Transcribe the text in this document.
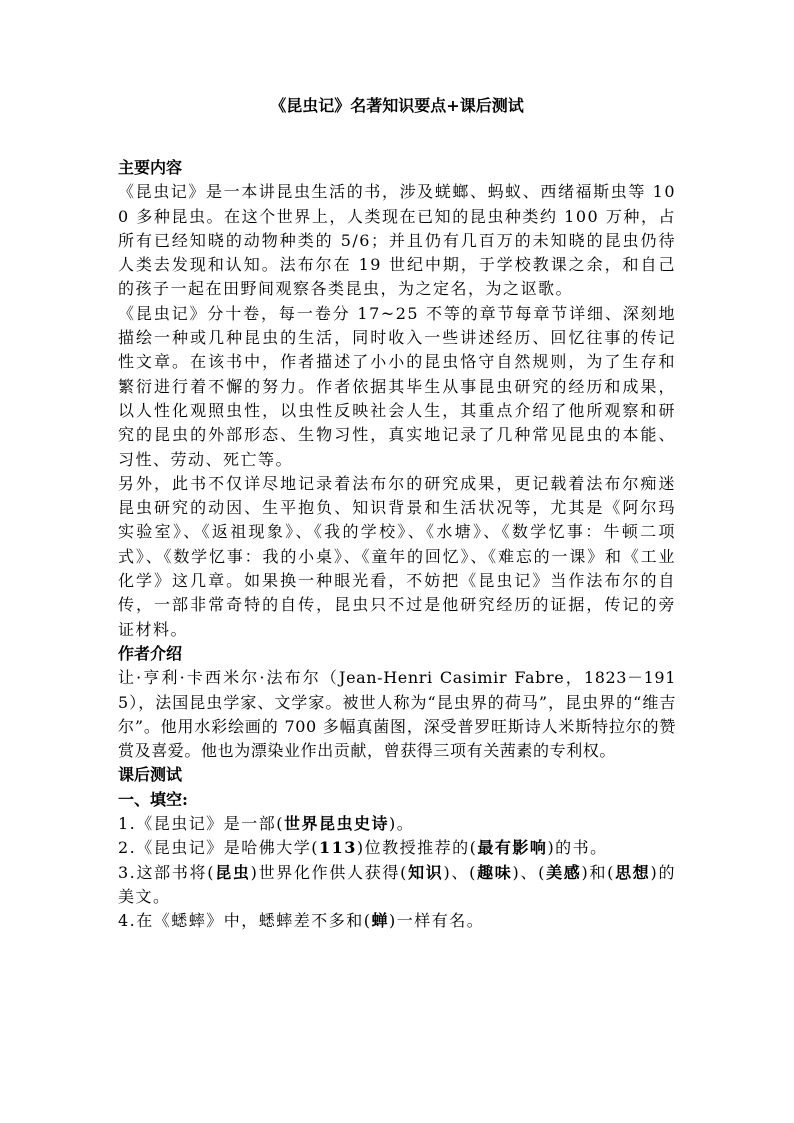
《昆虫记》名著知识要点+课后测试

主要内容

《昆虫记》是一本讲昆虫生活的书，涉及蜣螂、蚂蚁、西绪福斯虫等 100 多种昆虫。在这个世界上，人类现在已知的昆虫种类约 100 万种，占所有已经知晓的动物种类的 5/6；并且仍有几百万的未知晓的昆虫仍待人类去发现和认知。法布尔在 19 世纪中期，于学校教课之余，和自己的孩子一起在田野间观察各类昆虫，为之定名，为之讴歌。

《昆虫记》分十卷，每一卷分 17~25 不等的章节每章节详细、深刻地描绘一种或几种昆虫的生活，同时收入一些讲述经历、回忆往事的传记性文章。在该书中，作者描述了小小的昆虫恪守自然规则，为了生存和繁衍进行着不懈的努力。作者依据其毕生从事昆虫研究的经历和成果，以人性化观照虫性，以虫性反映社会人生，其重点介绍了他所观察和研究的昆虫的外部形态、生物习性，真实地记录了几种常见昆虫的本能、习性、劳动、死亡等。

另外，此书不仅详尽地记录着法布尔的研究成果，更记载着法布尔痴迷昆虫研究的动因、生平抱负、知识背景和生活状况等，尤其是《阿尔玛实验室》、《返祖现象》、《我的学校》、《水塘》、《数学忆事：牛顿二项式》、《数学忆事：我的小桌》、《童年的回忆》、《难忘的一课》和《工业化学》这几章。如果换一种眼光看，不妨把《昆虫记》当作法布尔的自传，一部非常奇特的自传，昆虫只不过是他研究经历的证据，传记的旁证材料。

作者介绍

让·亨利·卡西米尔·法布尔（Jean-Henri Casimir Fabre，1823－1915），法国昆虫学家、文学家。被世人称为“昆虫界的荷马”，昆虫界的“维吉尔”。他用水彩绘画的 700 多幅真菌图，深受普罗旺斯诗人米斯特拉尔的赞赏及喜爱。他也为漂染业作出贡献，曾获得三项有关茜素的专利权。

课后测试

一、填空:

1.《昆虫记》是一部(世界昆虫史诗)。

2.《昆虫记》是哈佛大学(113)位教授推荐的(最有影响)的书。

3.这部书将(昆虫)世界化作供人获得(知识)、(趣味)、(美感)和(思想)的美文。

4.在《蟋蟀》中，蟋蟀差不多和(蝉)一样有名。
